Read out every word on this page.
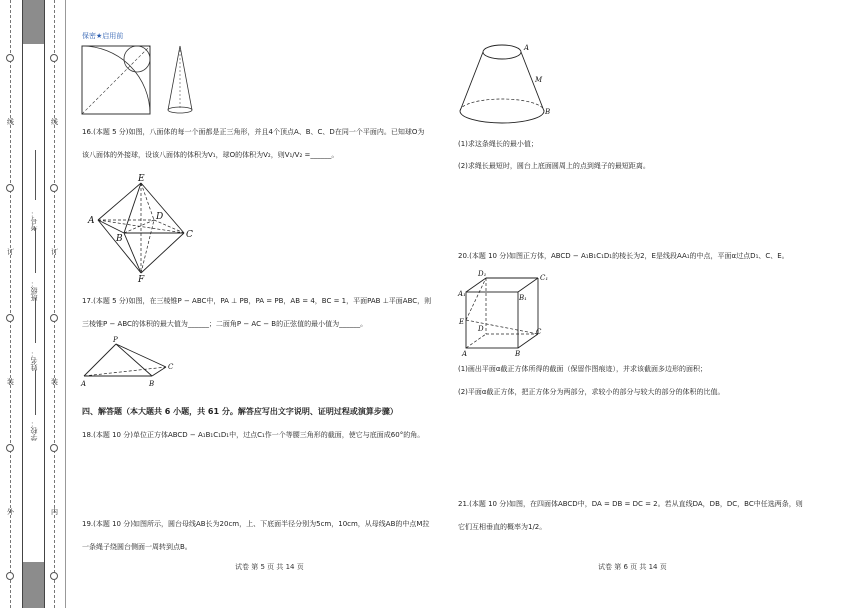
线
订
装
外
线
订
装
内
学校：
姓名：
班级：
考号：
保密★启用前
16.(本题 5 分)如图，八面体的每一个面都是正三角形，并且4个顶点A、B、C、D在同一个平面内。已知球O为
该八面体的外接球，设该八面体的体积为V₁，球O的体积为V₂，则V₁/V₂ =______。
E
A	D
B	C
F
17.(本题 5 分)如图，在三棱锥P − ABC中，PA ⊥ PB，PA = PB，AB = 4，BC = 1，平面PAB ⊥平面ABC，则
三棱锥P − ABC的体积的最大值为______；二面角P − AC − B的正弦值的最小值为______。
P
A	B
C
四、解答题（本大题共 6 小题，共 61 分。解答应写出文字说明、证明过程或演算步骤）
18.(本题 10 分)单位正方体ABCD − A₁B₁C₁D₁中，过点C₁作一个等腰三角形的截面，使它与底面成60°的角。
19.(本题 10 分)如图所示，圆台母线AB长为20cm，上、下底面半径分别为5cm，10cm，从母线AB的中点M拉
一条绳子绕圆台侧面一周转到点B。
试卷 第 5 页 共 14 页
A
M
B
(1)求这条绳长的最小值；
(2)求绳长最短时，圆台上底面圆周上的点到绳子的最短距离。
20.(本题 10 分)如图正方体，ABCD − A₁B₁C₁D₁的棱长为2，E是线段AA₁的中点，平面α过点D₁、C、E。
D₁	C₁
A₁	B₁
E
D	C
A	B
(1)画出平面α截正方体所得的截面（保留作图痕迹），并求该截面多边形的面积；
(2)平面α截正方体，把正方体分为两部分，求较小的部分与较大的部分的体积的比值。
21.(本题 10 分)如图，在四面体ABCD中，DA = DB = DC = 2。若从直线DA，DB，DC，BC中任选两条，则
它们互相垂直的概率为1/2。
试卷 第 6 页 共 14 页
